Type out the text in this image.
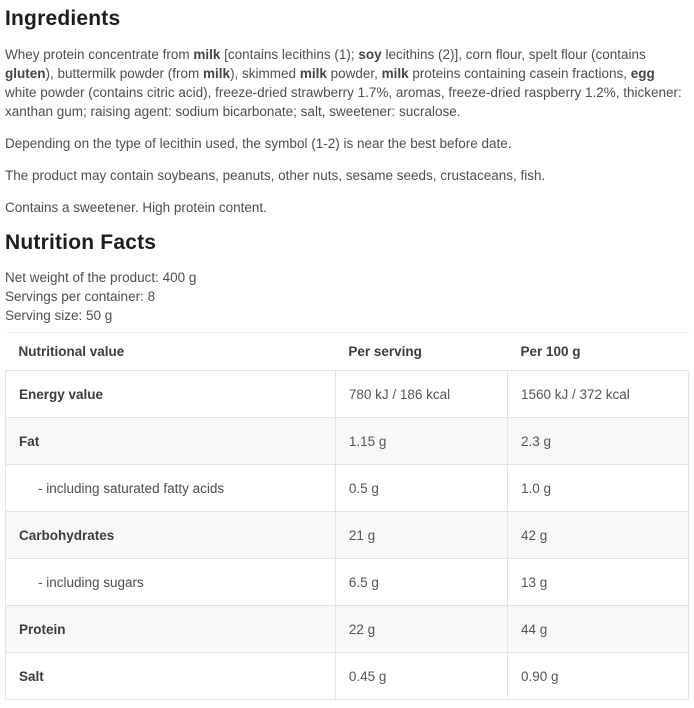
Ingredients

Whey protein concentrate from milk [contains lecithins (1); soy lecithins (2)], corn flour, spelt flour (contains gluten), buttermilk powder (from milk), skimmed milk powder, milk proteins containing casein fractions, egg white powder (contains citric acid), freeze-dried strawberry 1.7%, aromas, freeze-dried raspberry 1.2%, thickener: xanthan gum; raising agent: sodium bicarbonate; salt, sweetener: sucralose.

Depending on the type of lecithin used, the symbol (1-2) is near the best before date.

The product may contain soybeans, peanuts, other nuts, sesame seeds, crustaceans, fish.

Contains a sweetener. High protein content.

Nutrition Facts
Net weight of the product: 400 g
Servings per container: 8
Serving size: 50 g
Nutritional value	Per serving	Per 100 g
Energy value	780 kJ / 186 kcal	1560 kJ / 372 kcal
Fat	1.15 g	2.3 g
- including saturated fatty acids	0.5 g	1.0 g
Carbohydrates	21 g	42 g
- including sugars	6.5 g	13 g
Protein	22 g	44 g
Salt	0.45 g	0.90 g
